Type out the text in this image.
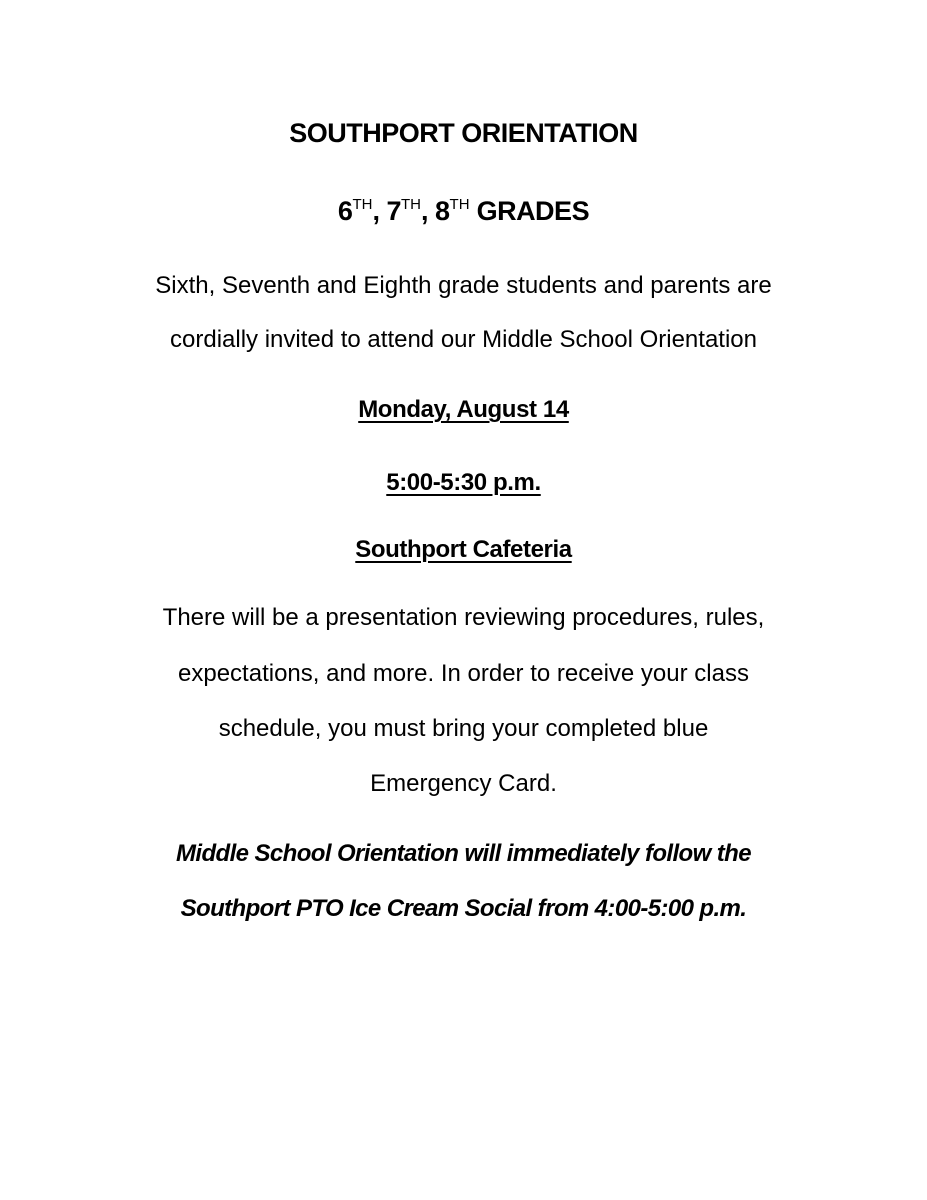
SOUTHPORT ORIENTATION
6TH, 7TH, 8TH GRADES
Sixth, Seventh and Eighth grade students and parents are
cordially invited to attend our Middle School Orientation
Monday, August 14
5:00-5:30 p.m.
Southport Cafeteria
There will be a presentation reviewing procedures, rules,
expectations, and more. In order to receive your class
schedule, you must bring your completed blue
Emergency Card.
Middle School Orientation will immediately follow the
Southport PTO Ice Cream Social from 4:00-5:00 p.m.
